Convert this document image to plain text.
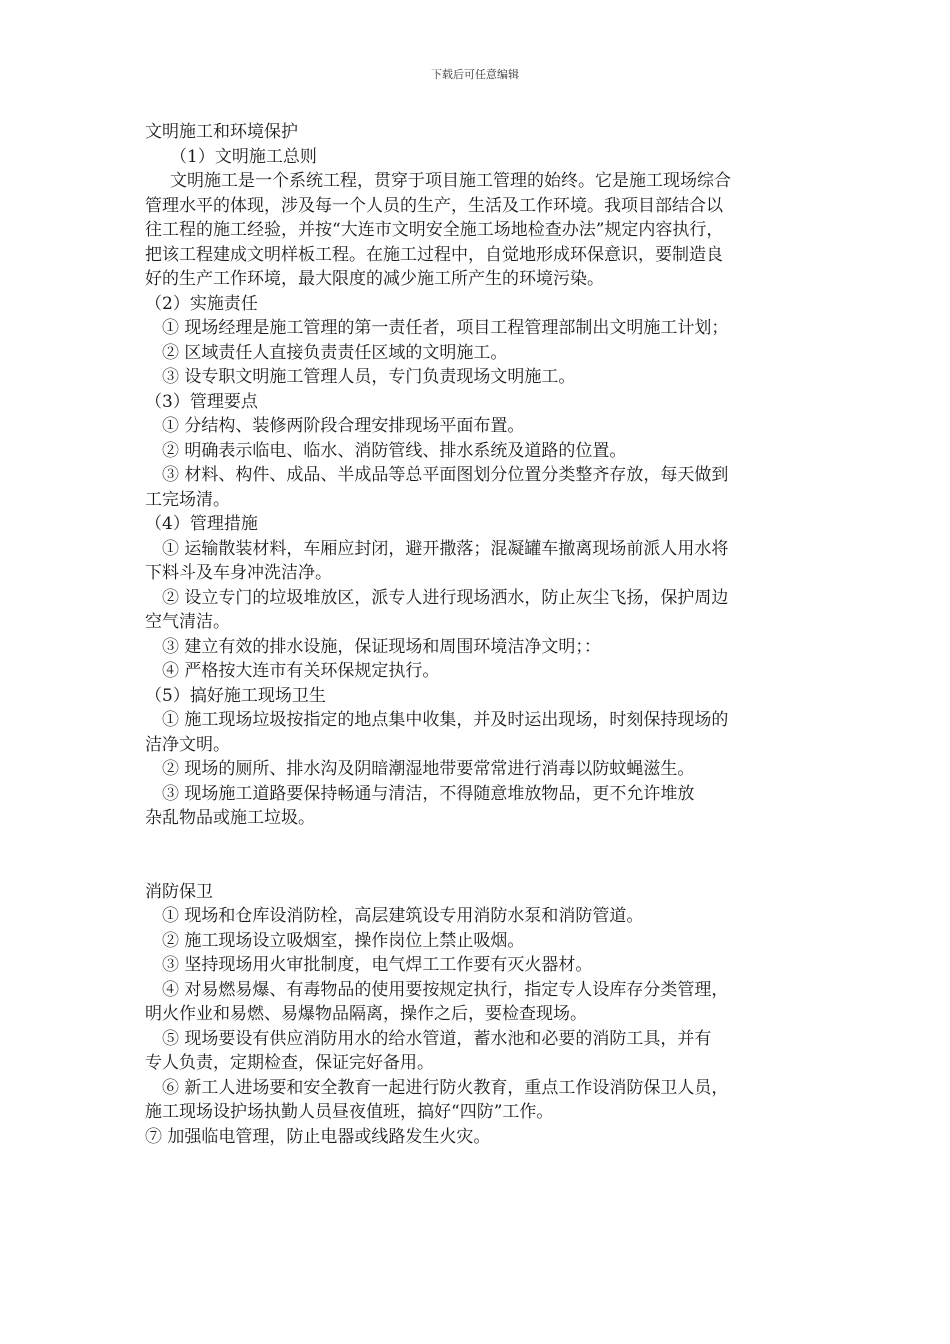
下载后可任意编辑
文明施工和环境保护
（1）文明施工总则
文明施工是一个系统工程，贯穿于项目施工管理的始终。它是施工现场综合
管理水平的体现，涉及每一个人员的生产，生活及工作环境。我项目部结合以
往工程的施工经验，并按“大连市文明安全施工场地检查办法”规定内容执行，
把该工程建成文明样板工程。在施工过程中，自觉地形成环保意识，要制造良
好的生产工作环境，最大限度的减少施工所产生的环境污染。
（2）实施责任
① 现场经理是施工管理的第一责任者，项目工程管理部制出文明施工计划；
② 区域责任人直接负责责任区域的文明施工。
③ 设专职文明施工管理人员，专门负责现场文明施工。
（3）管理要点
① 分结构、装修两阶段合理安排现场平面布置。
② 明确表示临电、临水、消防管线、排水系统及道路的位置。
③ 材料、构件、成品、半成品等总平面图划分位置分类整齐存放，每天做到
工完场清。
（4）管理措施
① 运输散装材料，车厢应封闭，避开撒落；混凝罐车撤离现场前派人用水将
下料斗及车身冲洗洁净。
② 设立专门的垃圾堆放区，派专人进行现场洒水，防止灰尘飞扬，保护周边
空气清洁。
③ 建立有效的排水设施，保证现场和周围环境洁净文明；：
④ 严格按大连市有关环保规定执行。
（5）搞好施工现场卫生
① 施工现场垃圾按指定的地点集中收集，并及时运出现场，时刻保持现场的
洁净文明。
② 现场的厕所、排水沟及阴暗潮湿地带要常常进行消毒以防蚊蝇滋生。
③ 现场施工道路要保持畅通与清洁，不得随意堆放物品，更不允许堆放
杂乱物品或施工垃圾。
消防保卫
① 现场和仓库设消防栓，高层建筑设专用消防水泵和消防管道。
② 施工现场设立吸烟室，操作岗位上禁止吸烟。
③ 坚持现场用火审批制度，电气焊工工作要有灭火器材。
④ 对易燃易爆、有毒物品的使用要按规定执行，指定专人设库存分类管理，
明火作业和易燃、易爆物品隔离，操作之后，要检查现场。
⑤ 现场要设有供应消防用水的给水管道，蓄水池和必要的消防工具，并有
专人负责，定期检查，保证完好备用。
⑥ 新工人进场要和安全教育一起进行防火教育，重点工作设消防保卫人员，
施工现场设护场执勤人员昼夜值班，搞好“四防”工作。
⑦ 加强临电管理，防止电器或线路发生火灾。
